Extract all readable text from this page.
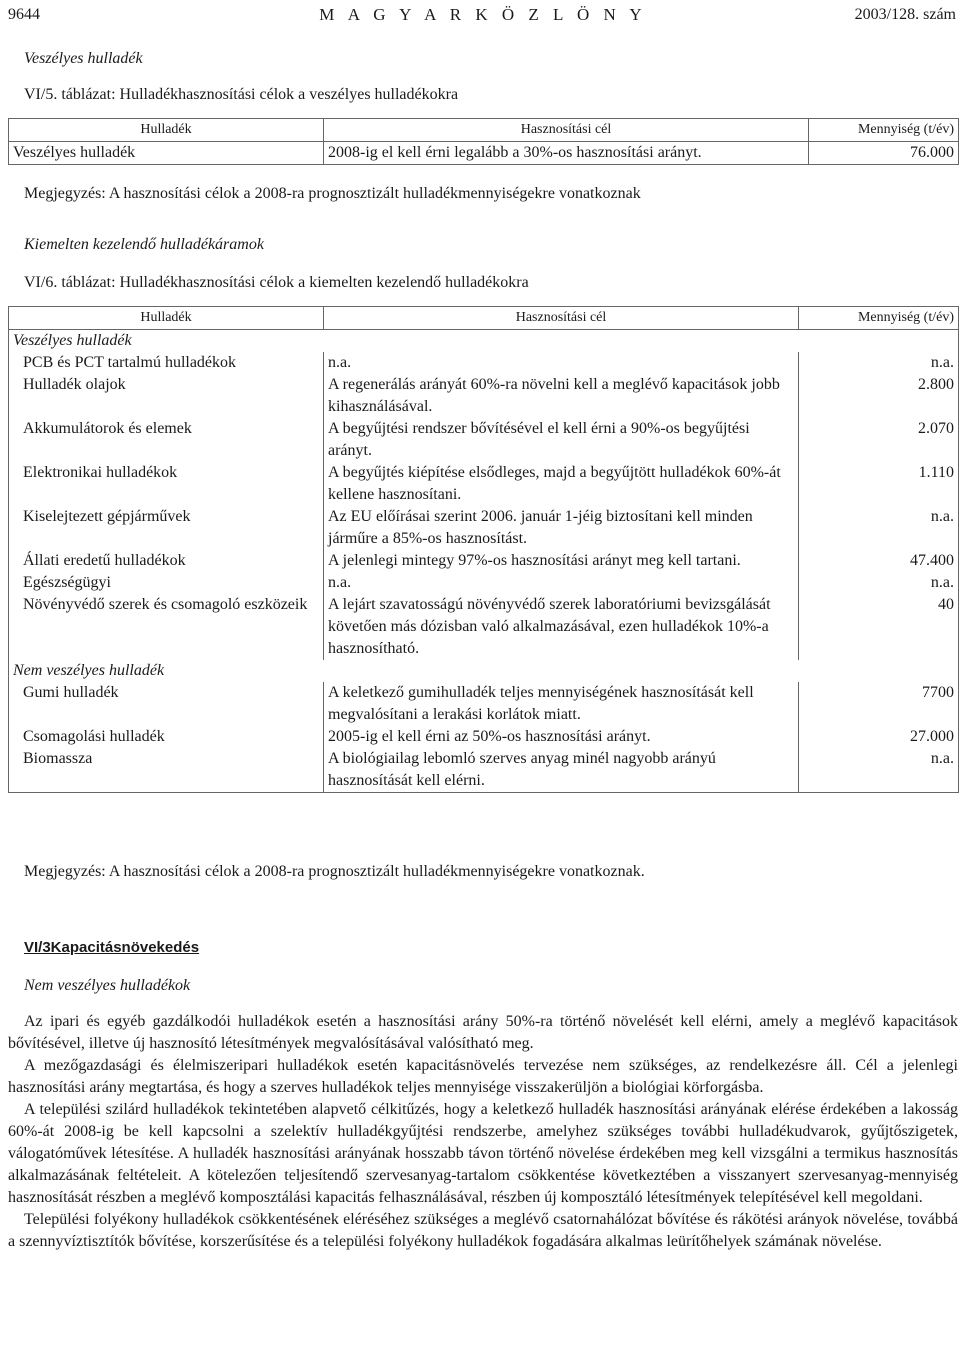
9644	M A G Y A R K Ö Z L Ö N Y	2003/128. szám
Veszélyes hulladék
VI/5. táblázat: Hulladékhasznosítási célok a veszélyes hulladékokra
Hulladék	Hasznosítási cél	Mennyiség (t/év)
Veszélyes hulladék	2008-ig el kell érni legalább a 30%-os hasznosítási arányt.	76.000
Megjegyzés: A hasznosítási célok a 2008-ra prognosztizált hulladékmennyiségekre vonatkoznak
Kiemelten kezelendő hulladékáramok
VI/6. táblázat: Hulladékhasznosítási célok a kiemelten kezelendő hulladékokra
Hulladék	Hasznosítási cél	Mennyiség (t/év)
Veszélyes hulladék		
PCB és PCT tartalmú hulladékok	n.a.	n.a.
Hulladék olajok	A regenerálás arányát 60%-ra növelni kell a meglévő kapacitások jobb kihasználásával.	2.800
Akkumulátorok és elemek	A begyűjtési rendszer bővítésével el kell érni a 90%-os begyűjtési arányt.	2.070
Elektronikai hulladékok	A begyűjtés kiépítése elsődleges, majd a begyűjtött hulladékok 60%-át kellene hasznosítani.	1.110
Kiselejtezett gépjárművek	Az EU előírásai szerint 2006. január 1-jéig biztosítani kell minden járműre a 85%-os hasznosítást.	n.a.
Állati eredetű hulladékok	A jelenlegi mintegy 97%-os hasznosítási arányt meg kell tartani.	47.400
Egészségügyi	n.a.	n.a.
Növényvédő szerek és csomagoló eszközeik	A lejárt szavatosságú növényvédő szerek laboratóriumi bevizsgálását követően más dózisban való alkalmazásával, ezen hulladékok 10%-a hasznosítható.	40
Nem veszélyes hulladék		
Gumi hulladék	A keletkező gumihulladék teljes mennyiségének hasznosítását kell megvalósítani a lerakási korlátok miatt.	7700
Csomagolási hulladék	2005-ig el kell érni az 50%-os hasznosítási arányt.	27.000
Biomassza	A biológiailag lebomló szerves anyag minél nagyobb arányú hasznosítását kell elérni.	n.a.
Megjegyzés: A hasznosítási célok a 2008-ra prognosztizált hulladékmennyiségekre vonatkoznak.
VI/3Kapacitásnövekedés
Nem veszélyes hulladékok

Az ipari és egyéb gazdálkodói hulladékok esetén a hasznosítási arány 50%-ra történő növelését kell elérni, amely a meglévő kapacitások bővítésével, illetve új hasznosító létesítmények megvalósításával valósítható meg.

A mezőgazdasági és élelmiszeripari hulladékok esetén kapacitásnövelés tervezése nem szükséges, az rendelkezésre áll. Cél a jelenlegi hasznosítási arány megtartása, és hogy a szerves hulladékok teljes mennyisége visszakerüljön a biológiai körforgásba.

A települési szilárd hulladékok tekintetében alapvető célkitűzés, hogy a keletkező hulladék hasznosítási arányának elérése érdekében a lakosság 60%-át 2008-ig be kell kapcsolni a szelektív hulladékgyűjtési rendszerbe, amelyhez szükséges további hulladékudvarok, gyűjtőszigetek, válogatóművek létesítése. A hulladék hasznosítási arányának hosszabb távon történő növelése érdekében meg kell vizsgálni a termikus hasznosítás alkalmazásának feltételeit. A kötelezően teljesítendő szervesanyag-tartalom csökkentése következtében a visszanyert szervesanyag-mennyiség hasznosítását részben a meglévő komposztálási kapacitás felhasználásával, részben új komposztáló létesítmények telepítésével kell megoldani.

Települési folyékony hulladékok csökkentésének eléréséhez szükséges a meglévő csatornahálózat bővítése és rákötési arányok növelése, továbbá a szennyvíztisztítók bővítése, korszerűsítése és a települési folyékony hulladékok fogadására alkalmas leürítőhelyek számának növelése.
